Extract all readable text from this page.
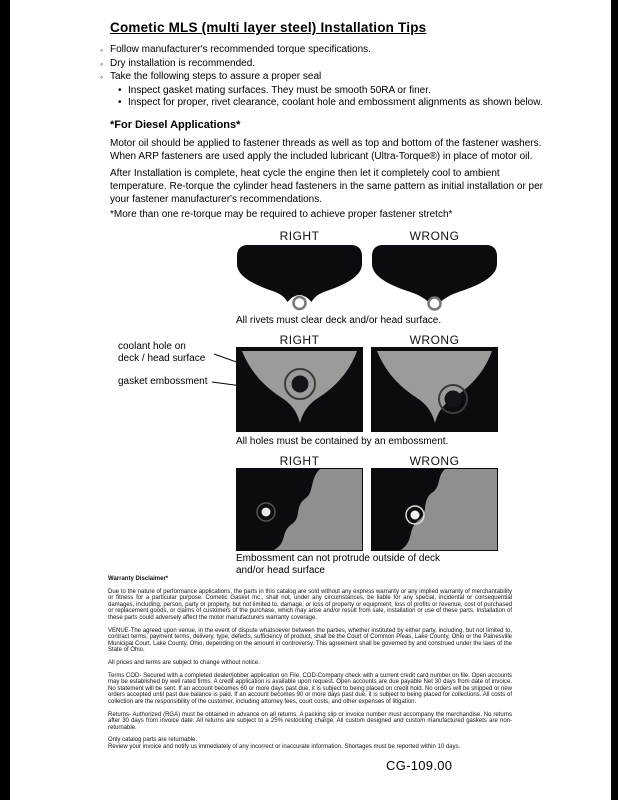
Cometic MLS (multi layer steel) Installation Tips
◦
Follow manufacturer's recommended torque specifications.
◦
Dry installation is recommended.
◦
Take the following steps to assure a proper seal
•
Inspect gasket mating surfaces. They must be smooth 50RA or finer.
•
Inspect for proper, rivet clearance, coolant hole and embossment alignments as shown below.
*For Diesel Applications*
Motor oil should be applied to fastener threads as well as top and bottom of the fastener washers. When ARP fasteners are used apply the included lubricant (Ultra-Torque®) in place of motor oil.
After Installation is complete, heat cycle the engine then let it completely cool to ambient temperature. Re-torque the cylinder head fasteners in the same pattern as initial installation or per your fastener manufacturer's recommendations.
*More than one re-torque may be required to achieve proper fastener stretch*
RIGHT	WRONG
All rivets must clear deck and/or head surface.
RIGHT	WRONG
coolant hole on
deck / head surface
gasket embossment
All holes must be contained by an embossment.
RIGHT	WRONG
Embossment can not protrude outside of deck
and/or head surface
Warranty Disclaimer*
Due to the nature of performance applications, the parts in this catalog are sold without any express warranty or any implied warranty of merchantability or fitness for a particular purpose. Cometic Gasket Inc., shall not, under any circumstances, be liable for any special, incidental or consequential damages, including, person, party or property, but not limited to, damage, or loss of property or equipment, loss of profits or revenue, cost of purchased or replacement goods, or claims of customers of the purchase, which may arise and/or result from sale, installation or use of these parts. Installation of these parts could adversely affect the motor manufacturers warranty coverage.
VENUE-The agreed upon venue, in the event of dispute whatsoever between the parties, whether instituted by either party, including, but not limited to, contract terms, payment terms, delivery, type, defects, sufficiency of product, shall be the Court of Common Pleas, Lake County, Ohio or the Painesville Municipal Court, Lake County, Ohio, depending on the amount in controversy. This agreement shall be governed by and construed under the laws of the State of Ohio.
All prices and terms are subject to change without notice.
Terms COD- Secured with a completed dealer/jobber application on File, COD-Company check with a current credit card number on file. Open accounts may be established by well rated firms. A credit application is available upon request. Open accounts are due payable Net 30 days from date of invoice. No statement will be sent. If an account becomes 60 or more days past due, it is subject to being placed on credit hold. No orders will be shipped or new orders accepted until past due balance is paid. If an account becomes 90 or more days past due, it is subject to being placed for collections. All costs of collection are the responsibility of the customer, including attorney fees, court costs, and other expenses of litigation.
Returns- Authorized (RGA) must be obtained in advance on all returns. A packing slip or invoice number must accompany the merchandise. No returns after 30 days from invoice date. All returns are subject to a 25% restocking charge. All custom designed and custom manufactured gaskets are non-returnable.
Only catalog parts are returnable.
Review your invoice and notify us immediately of any incorrect or inaccurate information. Shortages must be reported within 10 days.
CG-109.00
